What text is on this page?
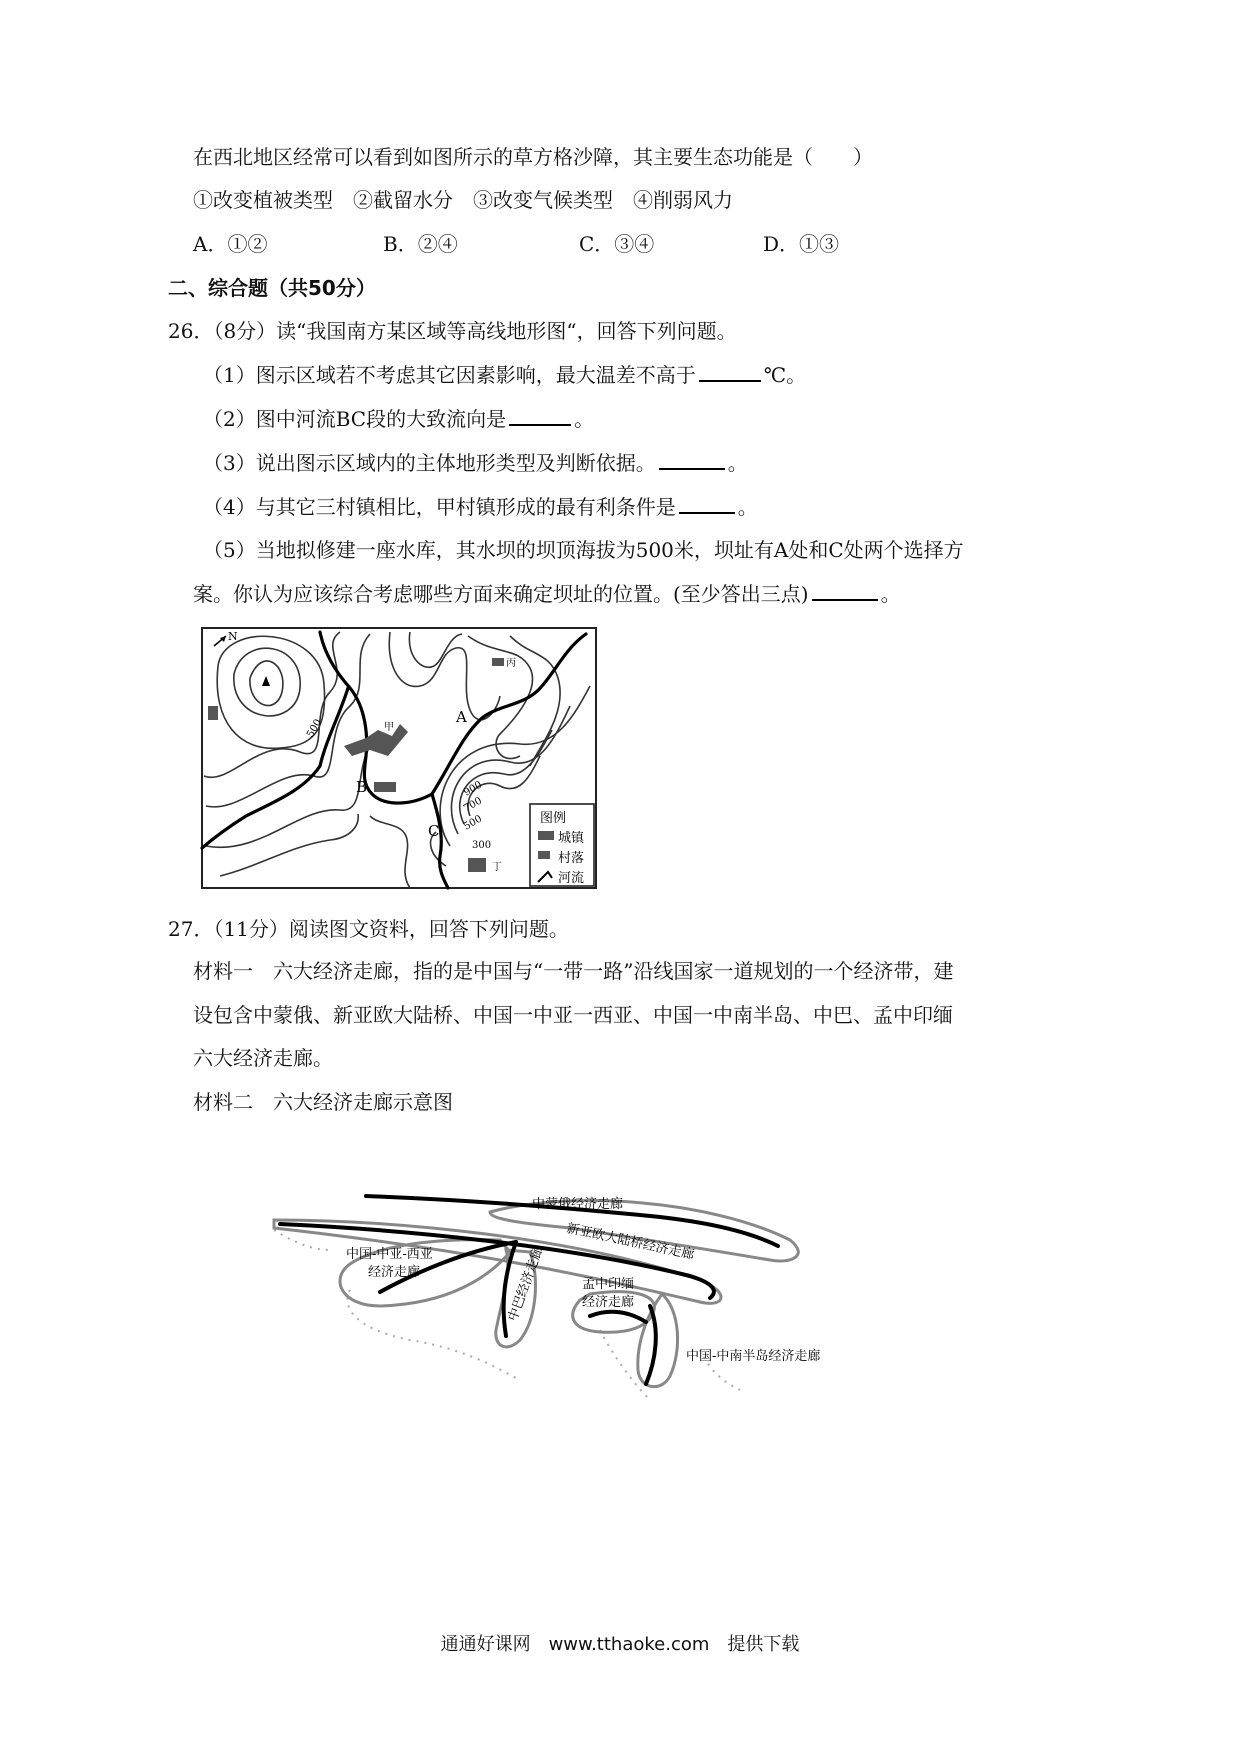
在西北地区经常可以看到如图所示的草方格沙障，其主要生态功能是（　　）
①改变植被类型　②截留水分　③改变气候类型　④削弱风力
A．①②	B．②④	C．③④	D．①③
二、综合题（共50分）
26．（8分）读“我国南方某区域等高线地形图“，回答下列问题。
（1）图示区域若不考虑其它因素影响，最大温差不高于	℃。
（2）图中河流BC段的大致流向是	。
（3）说出图示区域内的主体地形类型及判断依据。	。
（4）与其它三村镇相比，甲村镇形成的最有利条件是	。
（5）当地拟修建一座水库，其水坝的坝顶海拔为500米，坝址有A处和C处两个选择方
案。你认为应该综合考虑哪些方面来确定坝址的位置。(至少答出三点)	。
图例
城镇
村落
河流
N
丙
甲
丁
A
B
C
500
900
700
500
300
27．（11分）阅读图文资料，回答下列问题。
材料一　六大经济走廊，指的是中国与“一带一路”沿线国家一道规划的一个经济带，建
设包含中蒙俄、新亚欧大陆桥、中国一中亚一西亚、中国一中南半岛、中巴、孟中印缅
六大经济走廊。
材料二　六大经济走廊示意图
中蒙俄经济走廊
新亚欧大陆桥经济走廊
中国-中亚-西亚
经济走廊	中巴经济走廊	孟中印缅
经济走廊
中国-中南半岛经济走廊
通通好课网　www.tthaoke.com　提供下载
